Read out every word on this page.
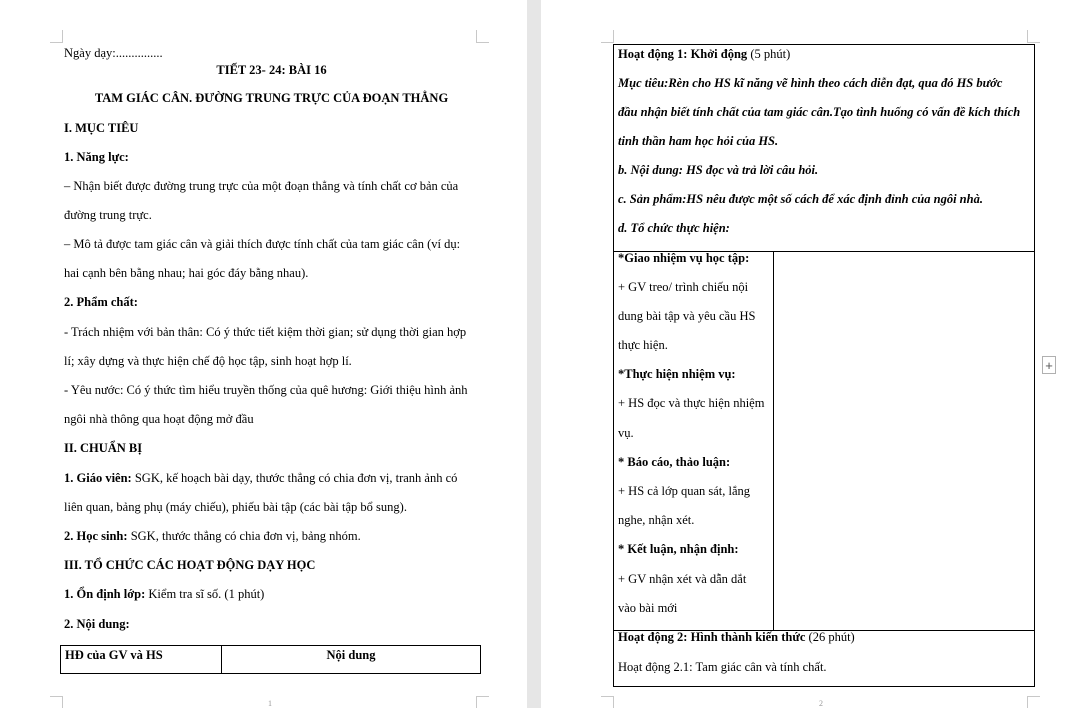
Ngày dạy:...............
TIẾT 23- 24: BÀI 16
TAM GIÁC CÂN. ĐƯỜNG TRUNG TRỰC CỦA ĐOẠN THẲNG
I. MỤC TIÊU
1. Năng lực:
– Nhận biết được đường trung trực của một đoạn thẳng và tính chất cơ bản của
đường trung trực.
– Mô tả được tam giác cân và giải thích được tính chất của tam giác cân (ví dụ:
hai cạnh bên bằng nhau; hai góc đáy bằng nhau).
2. Phẩm chất:
- Trách nhiệm với bản thân: Có ý thức tiết kiệm thời gian; sử dụng thời gian hợp
lí; xây dựng và thực hiện chế độ học tập, sinh hoạt hợp lí.
- Yêu nước: Có ý thức tìm hiểu truyền thống của quê hương: Giới thiệu hình ảnh
ngôi nhà thông qua hoạt động mở đầu
II. CHUẨN BỊ
1. Giáo viên: SGK, kế hoạch bài dạy, thước thẳng có chia đơn vị, tranh ảnh có
liên quan, bảng phụ (máy chiếu), phiếu bài tập (các bài tập bổ sung).
2. Học sinh: SGK, thước thẳng có chia đơn vị, bảng nhóm.
III. TỔ CHỨC CÁC HOẠT ĐỘNG DẠY HỌC
1. Ổn định lớp: Kiểm tra sĩ số. (1 phút)
2. Nội dung:
HĐ của GV và HS	Nội dung
1
Hoạt động 1: Khởi động (5 phút)
Mục tiêu:Rèn cho HS kĩ năng vẽ hình theo cách diễn đạt, qua đó HS bước
đầu nhận biết tính chất của tam giác cân.Tạo tình huống có vấn đề kích thích
tinh thần ham học hỏi của HS.
b. Nội dung: HS đọc và trả lời câu hỏi.
c. Sản phẩm:HS nêu được một số cách để xác định đỉnh của ngôi nhà.
d. Tổ chức thực hiện:
*Giao nhiệm vụ học tập:
+ GV treo/ trình chiếu nội
dung bài tập và yêu cầu HS
thực hiện.
*Thực hiện nhiệm vụ:
+ HS đọc và thực hiện nhiệm
vụ.
* Báo cáo, thảo luận:
+ HS cả lớp quan sát, lắng
nghe, nhận xét.
* Kết luận, nhận định:
+ GV nhận xét và dẫn dắt
vào bài mới
Hoạt động 2: Hình thành kiến thức (26 phút)
Hoạt động 2.1: Tam giác cân và tính chất.
+
2
